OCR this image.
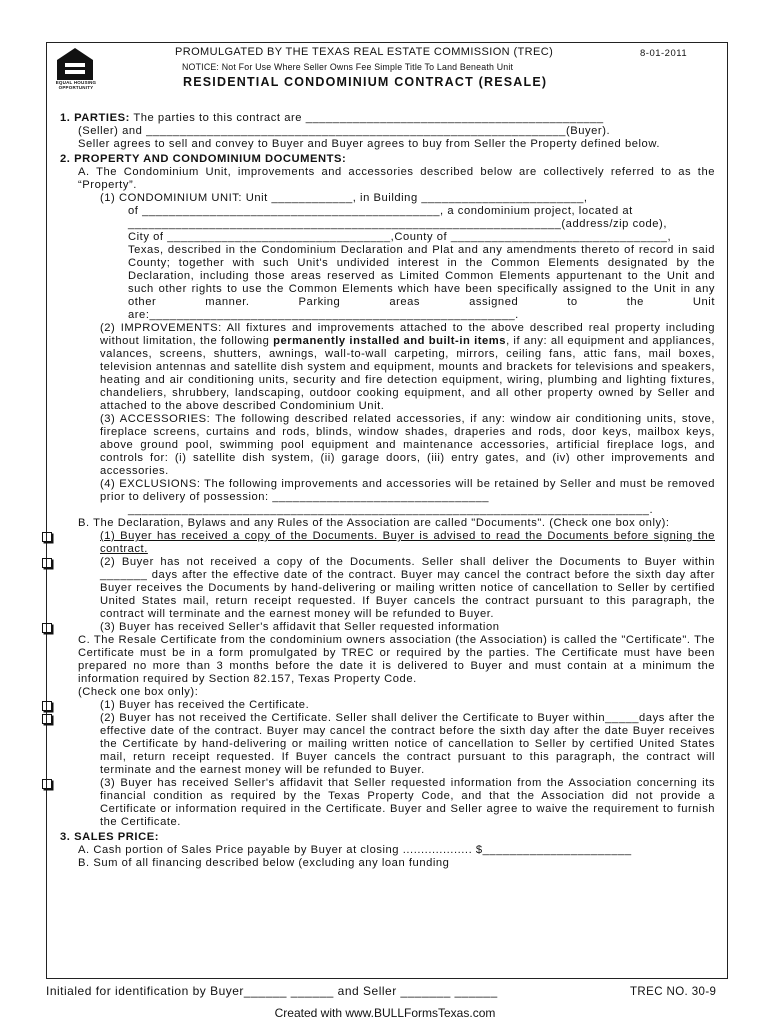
EQUAL HOUSING OPPORTUNITY
PROMULGATED BY THE TEXAS REAL ESTATE COMMISSION (TREC)	8-01-2011
NOTICE: Not For Use Where Seller Owns Fee Simple Title To Land Beneath Unit
RESIDENTIAL CONDOMINIUM CONTRACT (RESALE)

1. PARTIES: The parties to this contract are ____________________________________________

(Seller) and ______________________________________________________________(Buyer).

Seller agrees to sell and convey to Buyer and Buyer agrees to buy from Seller the Property defined below.

2. PROPERTY AND CONDOMINIUM DOCUMENTS:

A. The Condominium Unit, improvements and accessories described below are collectively referred to as the “Property”.

(1) CONDOMINIUM UNIT: Unit ____________, in Building ________________________,

of ____________________________________________, a condominium project, located at

________________________________________________________________(address/zip code),

City of _________________________________,County of ________________________________,

Texas, described in the Condominium Declaration and Plat and any amendments thereto of record in said County; together with such Unit's undivided interest in the Common Elements designated by the Declaration, including those areas reserved as Limited Common Elements appurtenant to the Unit and such other rights to use the Common Elements which have been specifically assigned to the Unit in any other manner. Parking areas assigned to the Unit are:______________________________________________________.

(2) IMPROVEMENTS: All fixtures and improvements attached to the above described real property including without limitation, the following permanently installed and built-in items, if any: all equipment and appliances, valances, screens, shutters, awnings, wall-to-wall carpeting, mirrors, ceiling fans, attic fans, mail boxes, television antennas and satellite dish system and equipment, mounts and brackets for televisions and speakers, heating and air conditioning units, security and fire detection equipment, wiring, plumbing and lighting fixtures, chandeliers, shrubbery, landscaping, outdoor cooking equipment, and all other property owned by Seller and attached to the above described Condominium Unit.

(3) ACCESSORIES: The following described related accessories, if any: window air conditioning units, stove, fireplace screens, curtains and rods, blinds, window shades, draperies and rods, door keys, mailbox keys, above ground pool, swimming pool equipment and maintenance accessories, artificial fireplace logs, and controls for: (i) satellite dish system, (ii) garage doors, (iii) entry gates, and (iv) other improvements and accessories.

(4) EXCLUSIONS: The following improvements and accessories will be retained by Seller and must be removed prior to delivery of possession: ________________________________

_____________________________________________________________________________.

B. The Declaration, Bylaws and any Rules of the Association are called "Documents". (Check one box only):

(1) Buyer has received a copy of the Documents. Buyer is advised to read the Documents before signing the contract.

(2) Buyer has not received a copy of the Documents. Seller shall deliver the Documents to Buyer within _______ days after the effective date of the contract. Buyer may cancel the contract before the sixth day after Buyer receives the Documents by hand-delivering or mailing written notice of cancellation to Seller by certified United States mail, return receipt requested. If Buyer cancels the contract pursuant to this paragraph, the contract will terminate and the earnest money will be refunded to Buyer.

(3) Buyer has received Seller's affidavit that Seller requested information

C. The Resale Certificate from the condominium owners association (the Association) is called the "Certificate". The Certificate must be in a form promulgated by TREC or required by the parties. The Certificate must have been prepared no more than 3 months before the date it is delivered to Buyer and must contain at a minimum the information required by Section 82.157, Texas Property Code.

(Check one box only):

(1) Buyer has received the Certificate.

(2) Buyer has not received the Certificate. Seller shall deliver the Certificate to Buyer within_____days after the effective date of the contract. Buyer may cancel the contract before the sixth day after the date Buyer receives the Certificate by hand-delivering or mailing written notice of cancellation to Seller by certified United States mail, return receipt requested. If Buyer cancels the contract pursuant to this paragraph, the contract will terminate and the earnest money will be refunded to Buyer.

(3) Buyer has received Seller's affidavit that Seller requested information from the Association concerning its financial condition as required by the Texas Property Code, and that the Association did not provide a Certificate or information required in the Certificate. Buyer and Seller agree to waive the requirement to furnish the Certificate.

3. SALES PRICE:

A. Cash portion of Sales Price payable by Buyer at closing ................... $______________________

B. Sum of all financing described below (excluding any loan funding

Initialed for identification by Buyer______ ______ and Seller _______ ______	TREC NO. 30-9
Created with www.BULLFormsTexas.com
